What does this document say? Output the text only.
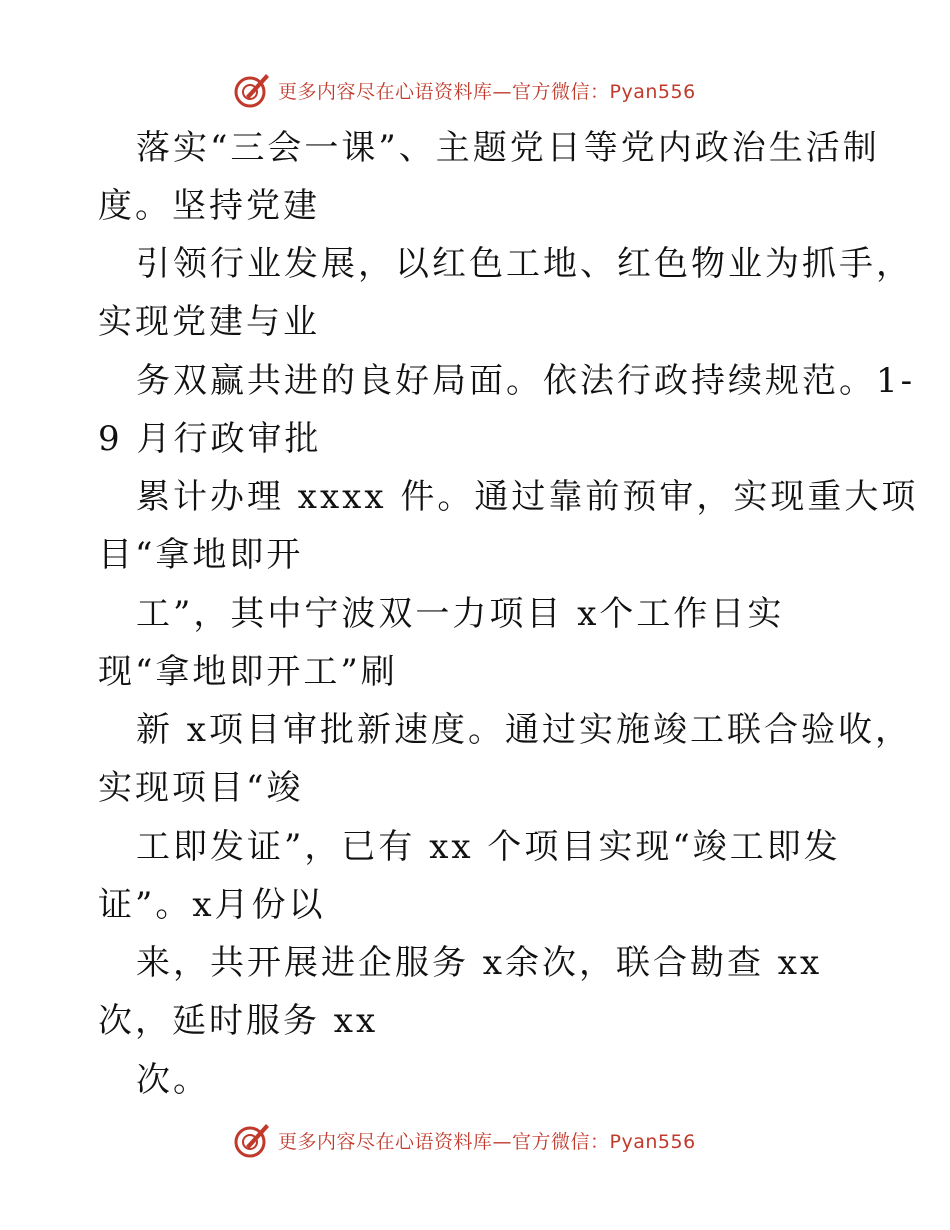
更多内容尽在心语资料库—官方微信：Pyan556
落实“三会一课”、主题党日等党内政治生活制
度。坚持党建
引领行业发展，以红色工地、红色物业为抓手，
实现党建与业
务双赢共进的良好局面。依法行政持续规范。1-
9 月行政审批
累计办理 xxxx 件。通过靠前预审，实现重大项
目“拿地即开
工”，其中宁波双一力项目 x个工作日实
现“拿地即开工”刷
新 x项目审批新速度。通过实施竣工联合验收，
实现项目“竣
工即发证”，已有 xx 个项目实现“竣工即发
证”。x月份以
来，共开展进企服务 x余次，联合勘查 xx
次，延时服务 xx
次。
更多内容尽在心语资料库—官方微信：Pyan556
